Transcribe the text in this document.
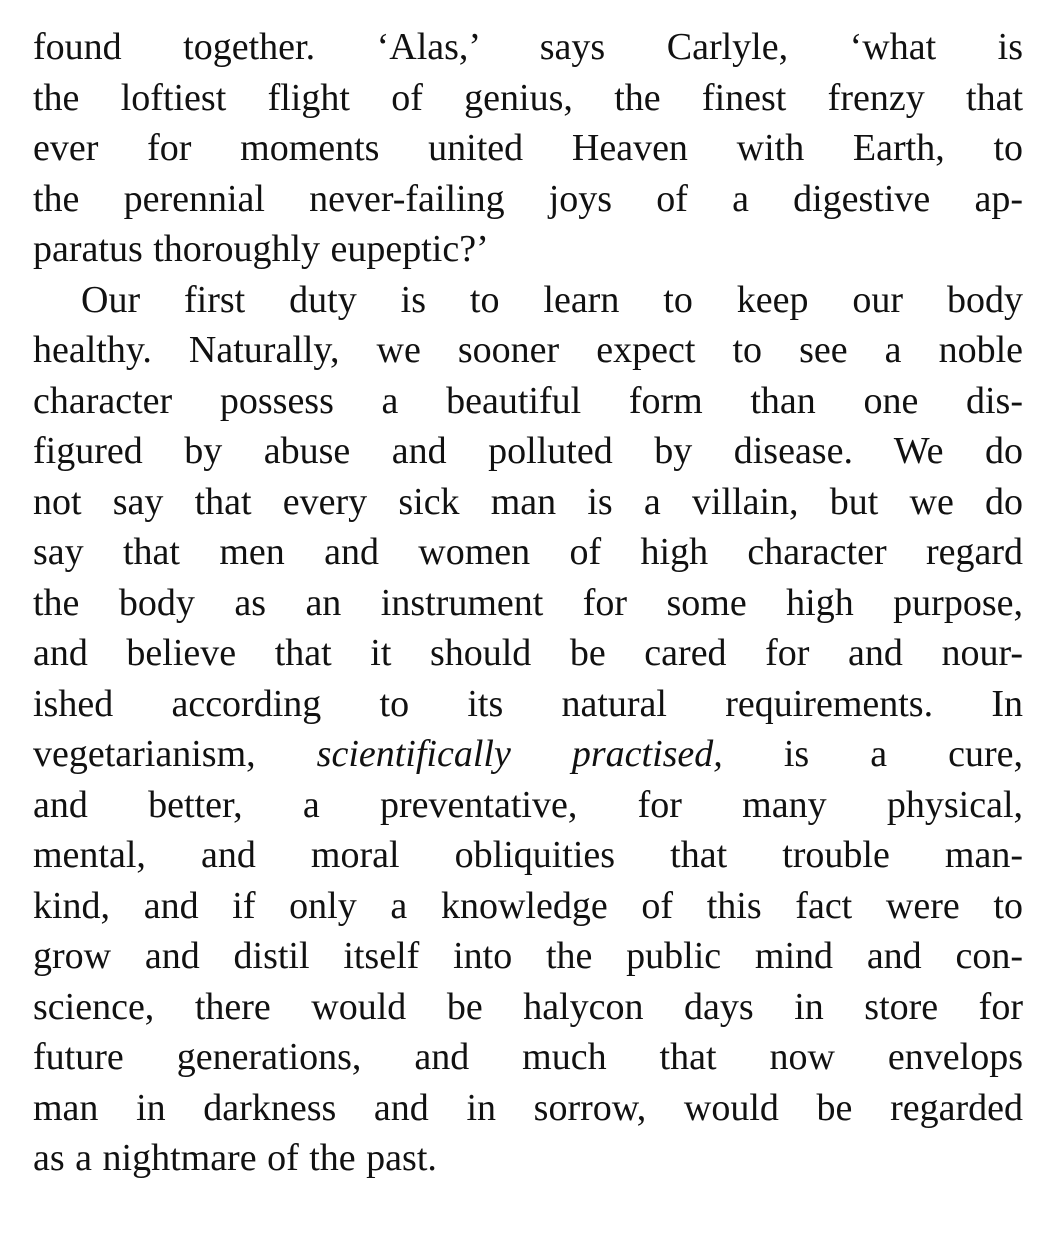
found together. ‘Alas,’ says Carlyle, ‘what is
the loftiest flight of genius, the finest frenzy that
ever for moments united Heaven with Earth, to
the perennial never-failing joys of a digestive ap-
paratus thoroughly eupeptic?’
Our first duty is to learn to keep our body
healthy. Naturally, we sooner expect to see a noble
character possess a beautiful form than one dis-
figured by abuse and polluted by disease. We do
not say that every sick man is a villain, but we do
say that men and women of high character regard
the body as an instrument for some high purpose,
and believe that it should be cared for and nour-
ished according to its natural requirements. In
vegetarianism, scientifically practised, is a cure,
and better, a preventative, for many physical,
mental, and moral obliquities that trouble man-
kind, and if only a knowledge of this fact were to
grow and distil itself into the public mind and con-
science, there would be halycon days in store for
future generations, and much that now envelops
man in darkness and in sorrow, would be regarded
as a nightmare of the past.
